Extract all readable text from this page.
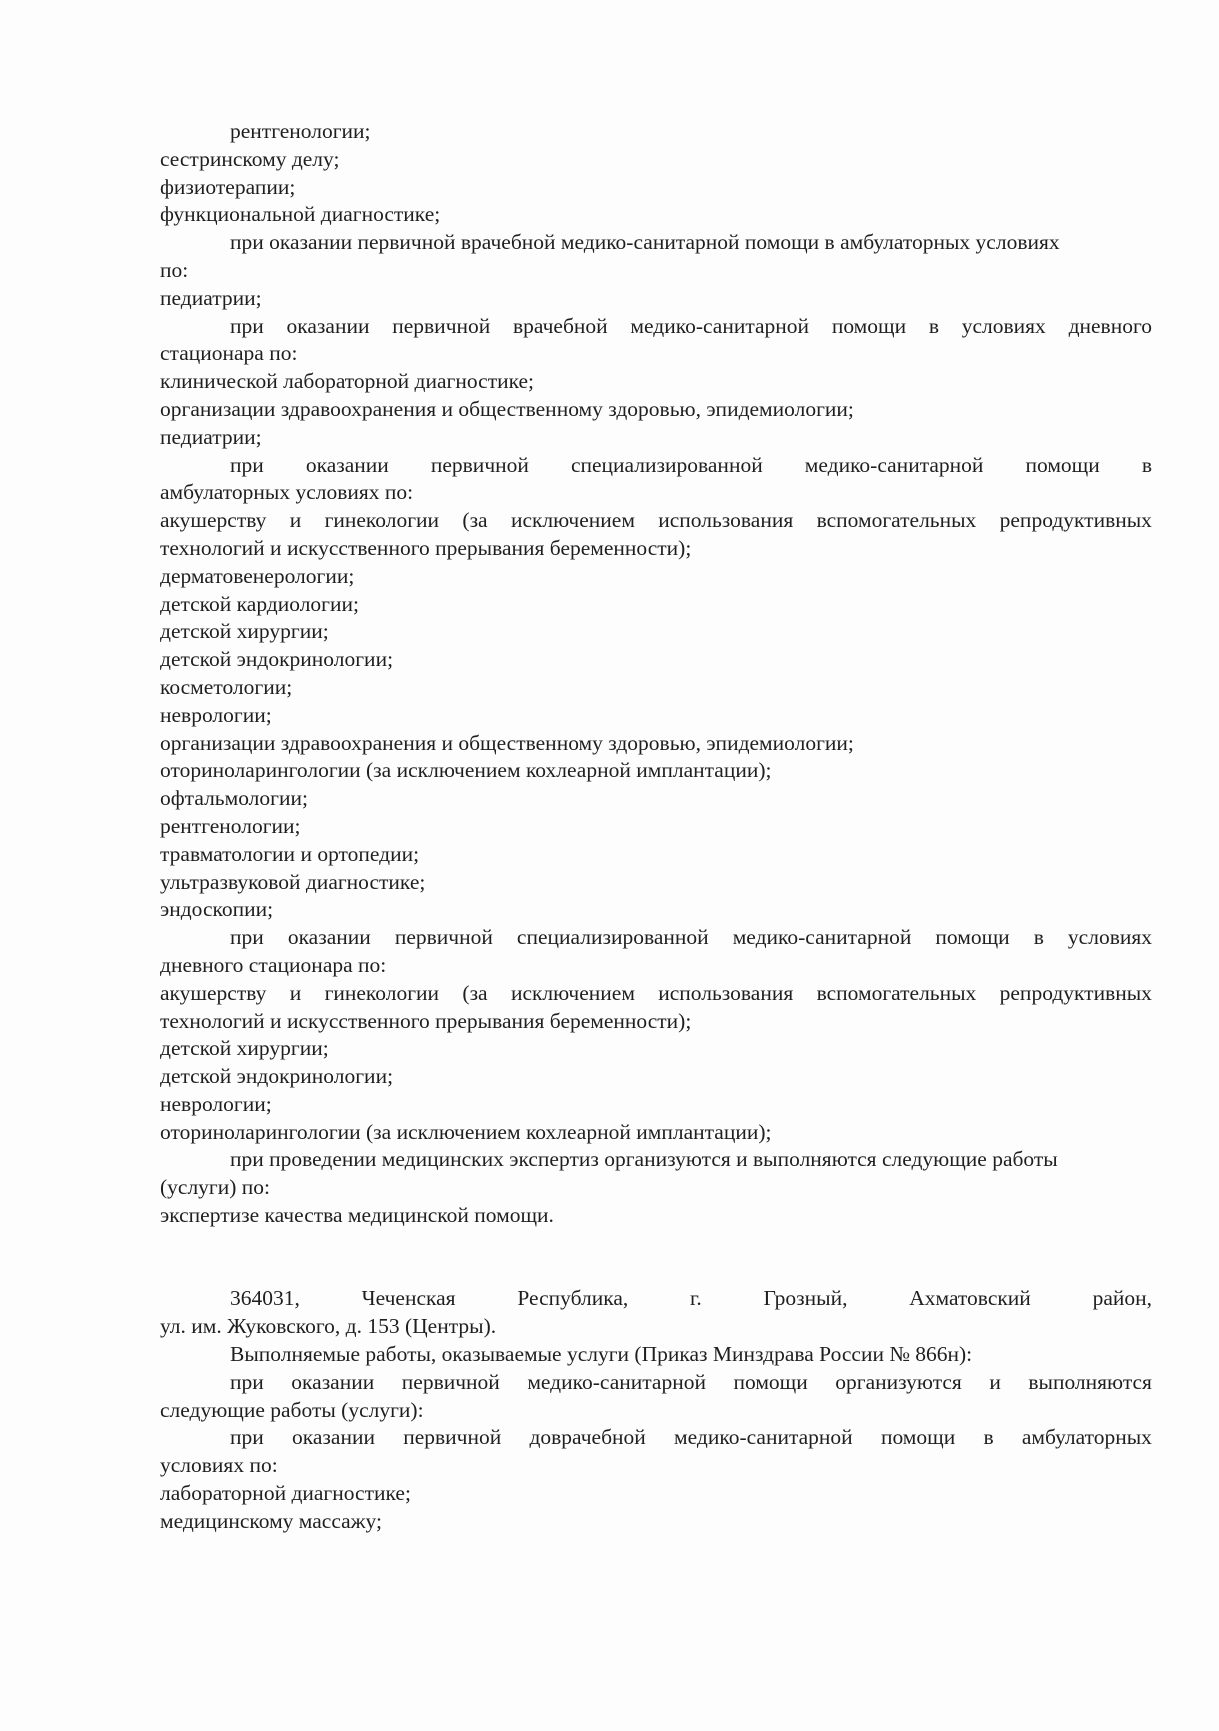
рентгенологии;
сестринскому делу;
физиотерапии;
функциональной диагностике;
при оказании первичной врачебной медико-санитарной помощи в амбулаторных условиях
по:
педиатрии;
при оказании первичной врачебной медико-санитарной помощи в условиях дневного
стационара по:
клинической лабораторной диагностике;
организации здравоохранения и общественному здоровью, эпидемиологии;
педиатрии;
при оказании первичной специализированной медико-санитарной помощи в
амбулаторных условиях по:
акушерству и гинекологии (за исключением использования вспомогательных репродуктивных
технологий и искусственного прерывания беременности);
дерматовенерологии;
детской кардиологии;
детской хирургии;
детской эндокринологии;
косметологии;
неврологии;
организации здравоохранения и общественному здоровью, эпидемиологии;
оториноларингологии (за исключением кохлеарной имплантации);
офтальмологии;
рентгенологии;
травматологии и ортопедии;
ультразвуковой диагностике;
эндоскопии;
при оказании первичной специализированной медико-санитарной помощи в условиях
дневного стационара по:
акушерству и гинекологии (за исключением использования вспомогательных репродуктивных
технологий и искусственного прерывания беременности);
детской хирургии;
детской эндокринологии;
неврологии;
оториноларингологии (за исключением кохлеарной имплантации);
при проведении медицинских экспертиз организуются и выполняются следующие работы
(услуги) по:
экспертизе качества медицинской помощи.
364031,	Чеченская	Республика,	г.	Грозный,	Ахматовский	район,
ул. им. Жуковского, д. 153 (Центры).
Выполняемые работы, оказываемые услуги (Приказ Минздрава России № 866н):
при оказании первичной медико-санитарной помощи организуются и выполняются
следующие работы (услуги):
при оказании первичной доврачебной медико-санитарной помощи в амбулаторных
условиях по:
лабораторной диагностике;
медицинскому массажу;
